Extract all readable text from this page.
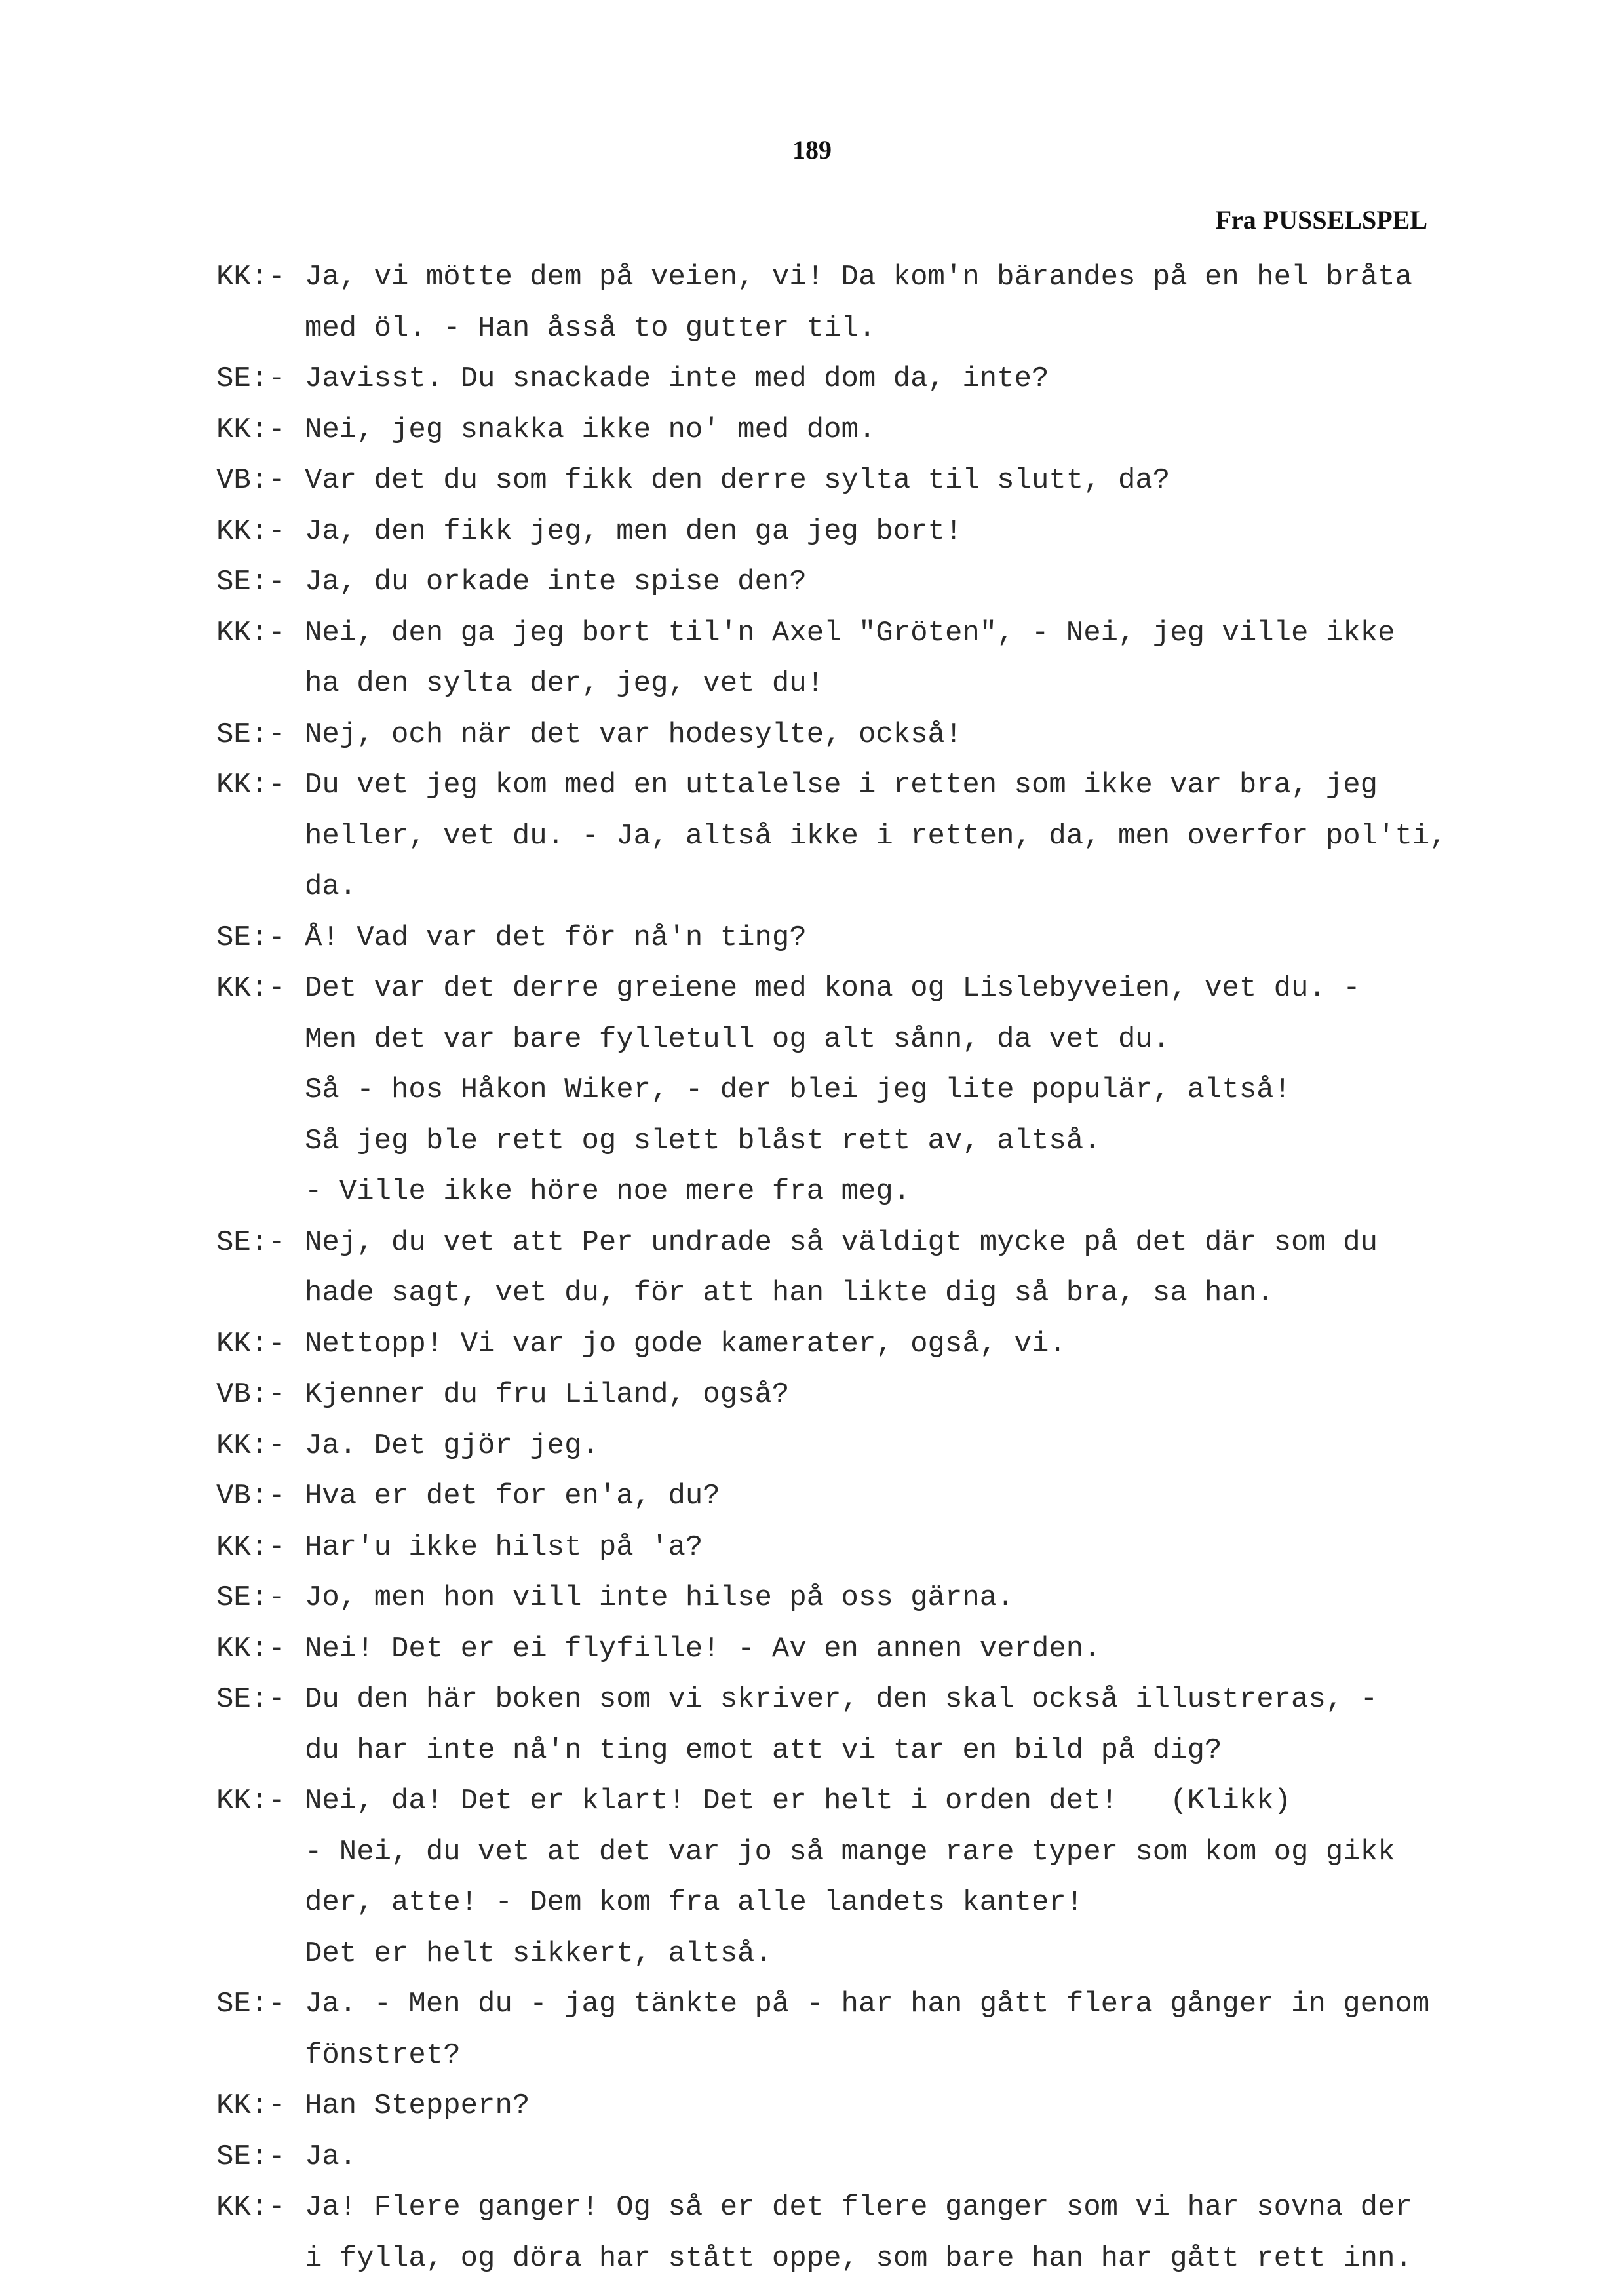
189
Fra PUSSELSPEL
KK:- Ja, vi mötte dem på veien, vi! Da kom'n bärandes på en hel bråta
med öl. - Han åsså to gutter til.
SE:- Javisst. Du snackade inte med dom da, inte?
KK:- Nei, jeg snakka ikke no' med dom.
VB:- Var det du som fikk den derre sylta til slutt, da?
KK:- Ja, den fikk jeg, men den ga jeg bort!
SE:- Ja, du orkade inte spise den?
KK:- Nei, den ga jeg bort til'n Axel "Gröten", - Nei, jeg ville ikke
ha den sylta der, jeg, vet du!
SE:- Nej, och när det var hodesylte, också!
KK:- Du vet jeg kom med en uttalelse i retten som ikke var bra, jeg
heller, vet du. - Ja, altså ikke i retten, da, men overfor pol'ti,
da.
SE:- Å! Vad var det för nå'n ting?
KK:- Det var det derre greiene med kona og Lislebyveien, vet du. -
Men det var bare fylletull og alt sånn, da vet du.
Så - hos Håkon Wiker, - der blei jeg lite populär, altså!
Så jeg ble rett og slett blåst rett av, altså.
- Ville ikke höre noe mere fra meg.
SE:- Nej, du vet att Per undrade så väldigt mycke på det där som du
hade sagt, vet du, för att han likte dig så bra, sa han.
KK:- Nettopp! Vi var jo gode kamerater, også, vi.
VB:- Kjenner du fru Liland, også?
KK:- Ja. Det gjör jeg.
VB:- Hva er det for en'a, du?
KK:- Har'u ikke hilst på 'a?
SE:- Jo, men hon vill inte hilse på oss gärna.
KK:- Nei! Det er ei flyfille! - Av en annen verden.
SE:- Du den här boken som vi skriver, den skal också illustreras, -
du har inte nå'n ting emot att vi tar en bild på dig?
KK:- Nei, da! Det er klart! Det er helt i orden det!   (Klikk)
- Nei, du vet at det var jo så mange rare typer som kom og gikk
der, atte! - Dem kom fra alle landets kanter!
Det er helt sikkert, altså.
SE:- Ja. - Men du - jag tänkte på - har han gått flera gånger in genom
fönstret?
KK:- Han Steppern?
SE:- Ja.
KK:- Ja! Flere ganger! Og så er det flere ganger som vi har sovna der
i fylla, og döra har stått oppe, som bare han har gått rett inn.
